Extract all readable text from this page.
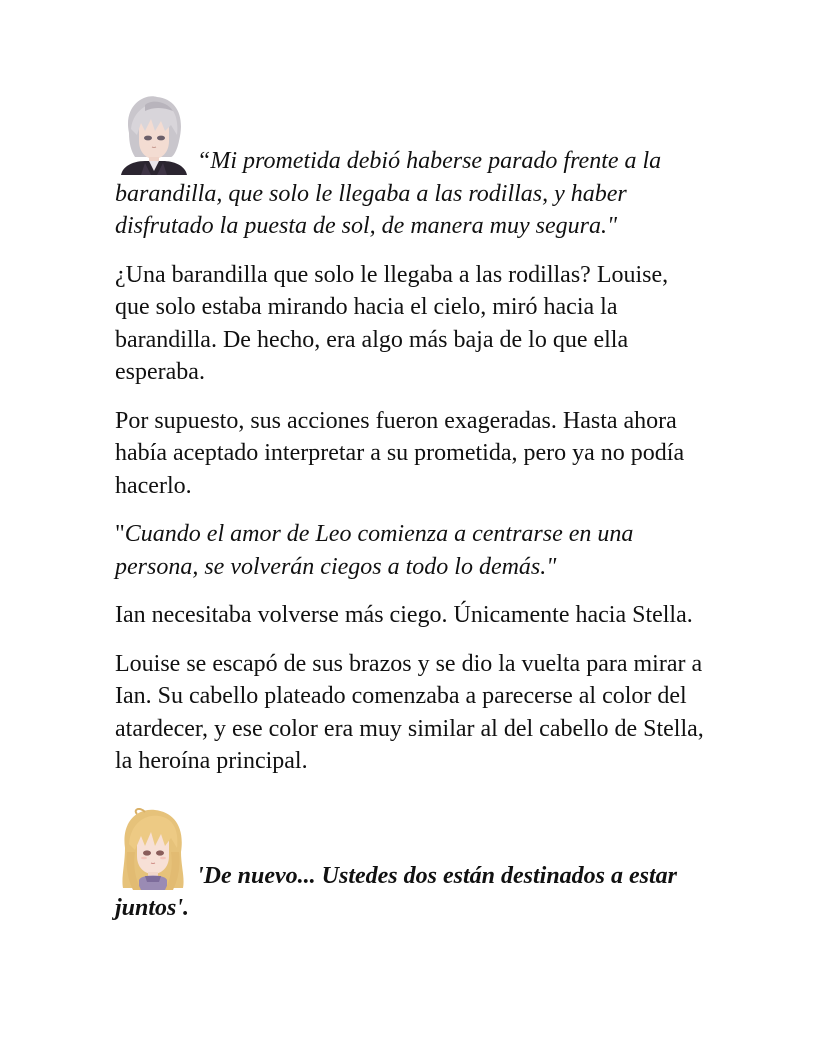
“Mi prometida debió haberse parado frente a la barandilla, que solo le llegaba a las rodillas, y haber disfrutado la puesta de sol, de manera muy segura."

¿Una barandilla que solo le llegaba a las rodillas? Louise, que solo estaba mirando hacia el cielo, miró hacia la barandilla. De hecho, era algo más baja de lo que ella esperaba.

Por supuesto, sus acciones fueron exageradas. Hasta ahora había aceptado interpretar a su prometida, pero ya no podía hacerlo.

"Cuando el amor de Leo comienza a centrarse en una persona, se volverán ciegos a todo lo demás."

Ian necesitaba volverse más ciego. Únicamente hacia Stella.

Louise se escapó de sus brazos y se dio la vuelta para mirar a Ian. Su cabello plateado comenzaba a parecerse al color del atardecer, y ese color era muy similar al del cabello de Stella, la heroína principal.

'De nuevo... Ustedes dos están destinados a estar juntos'.
